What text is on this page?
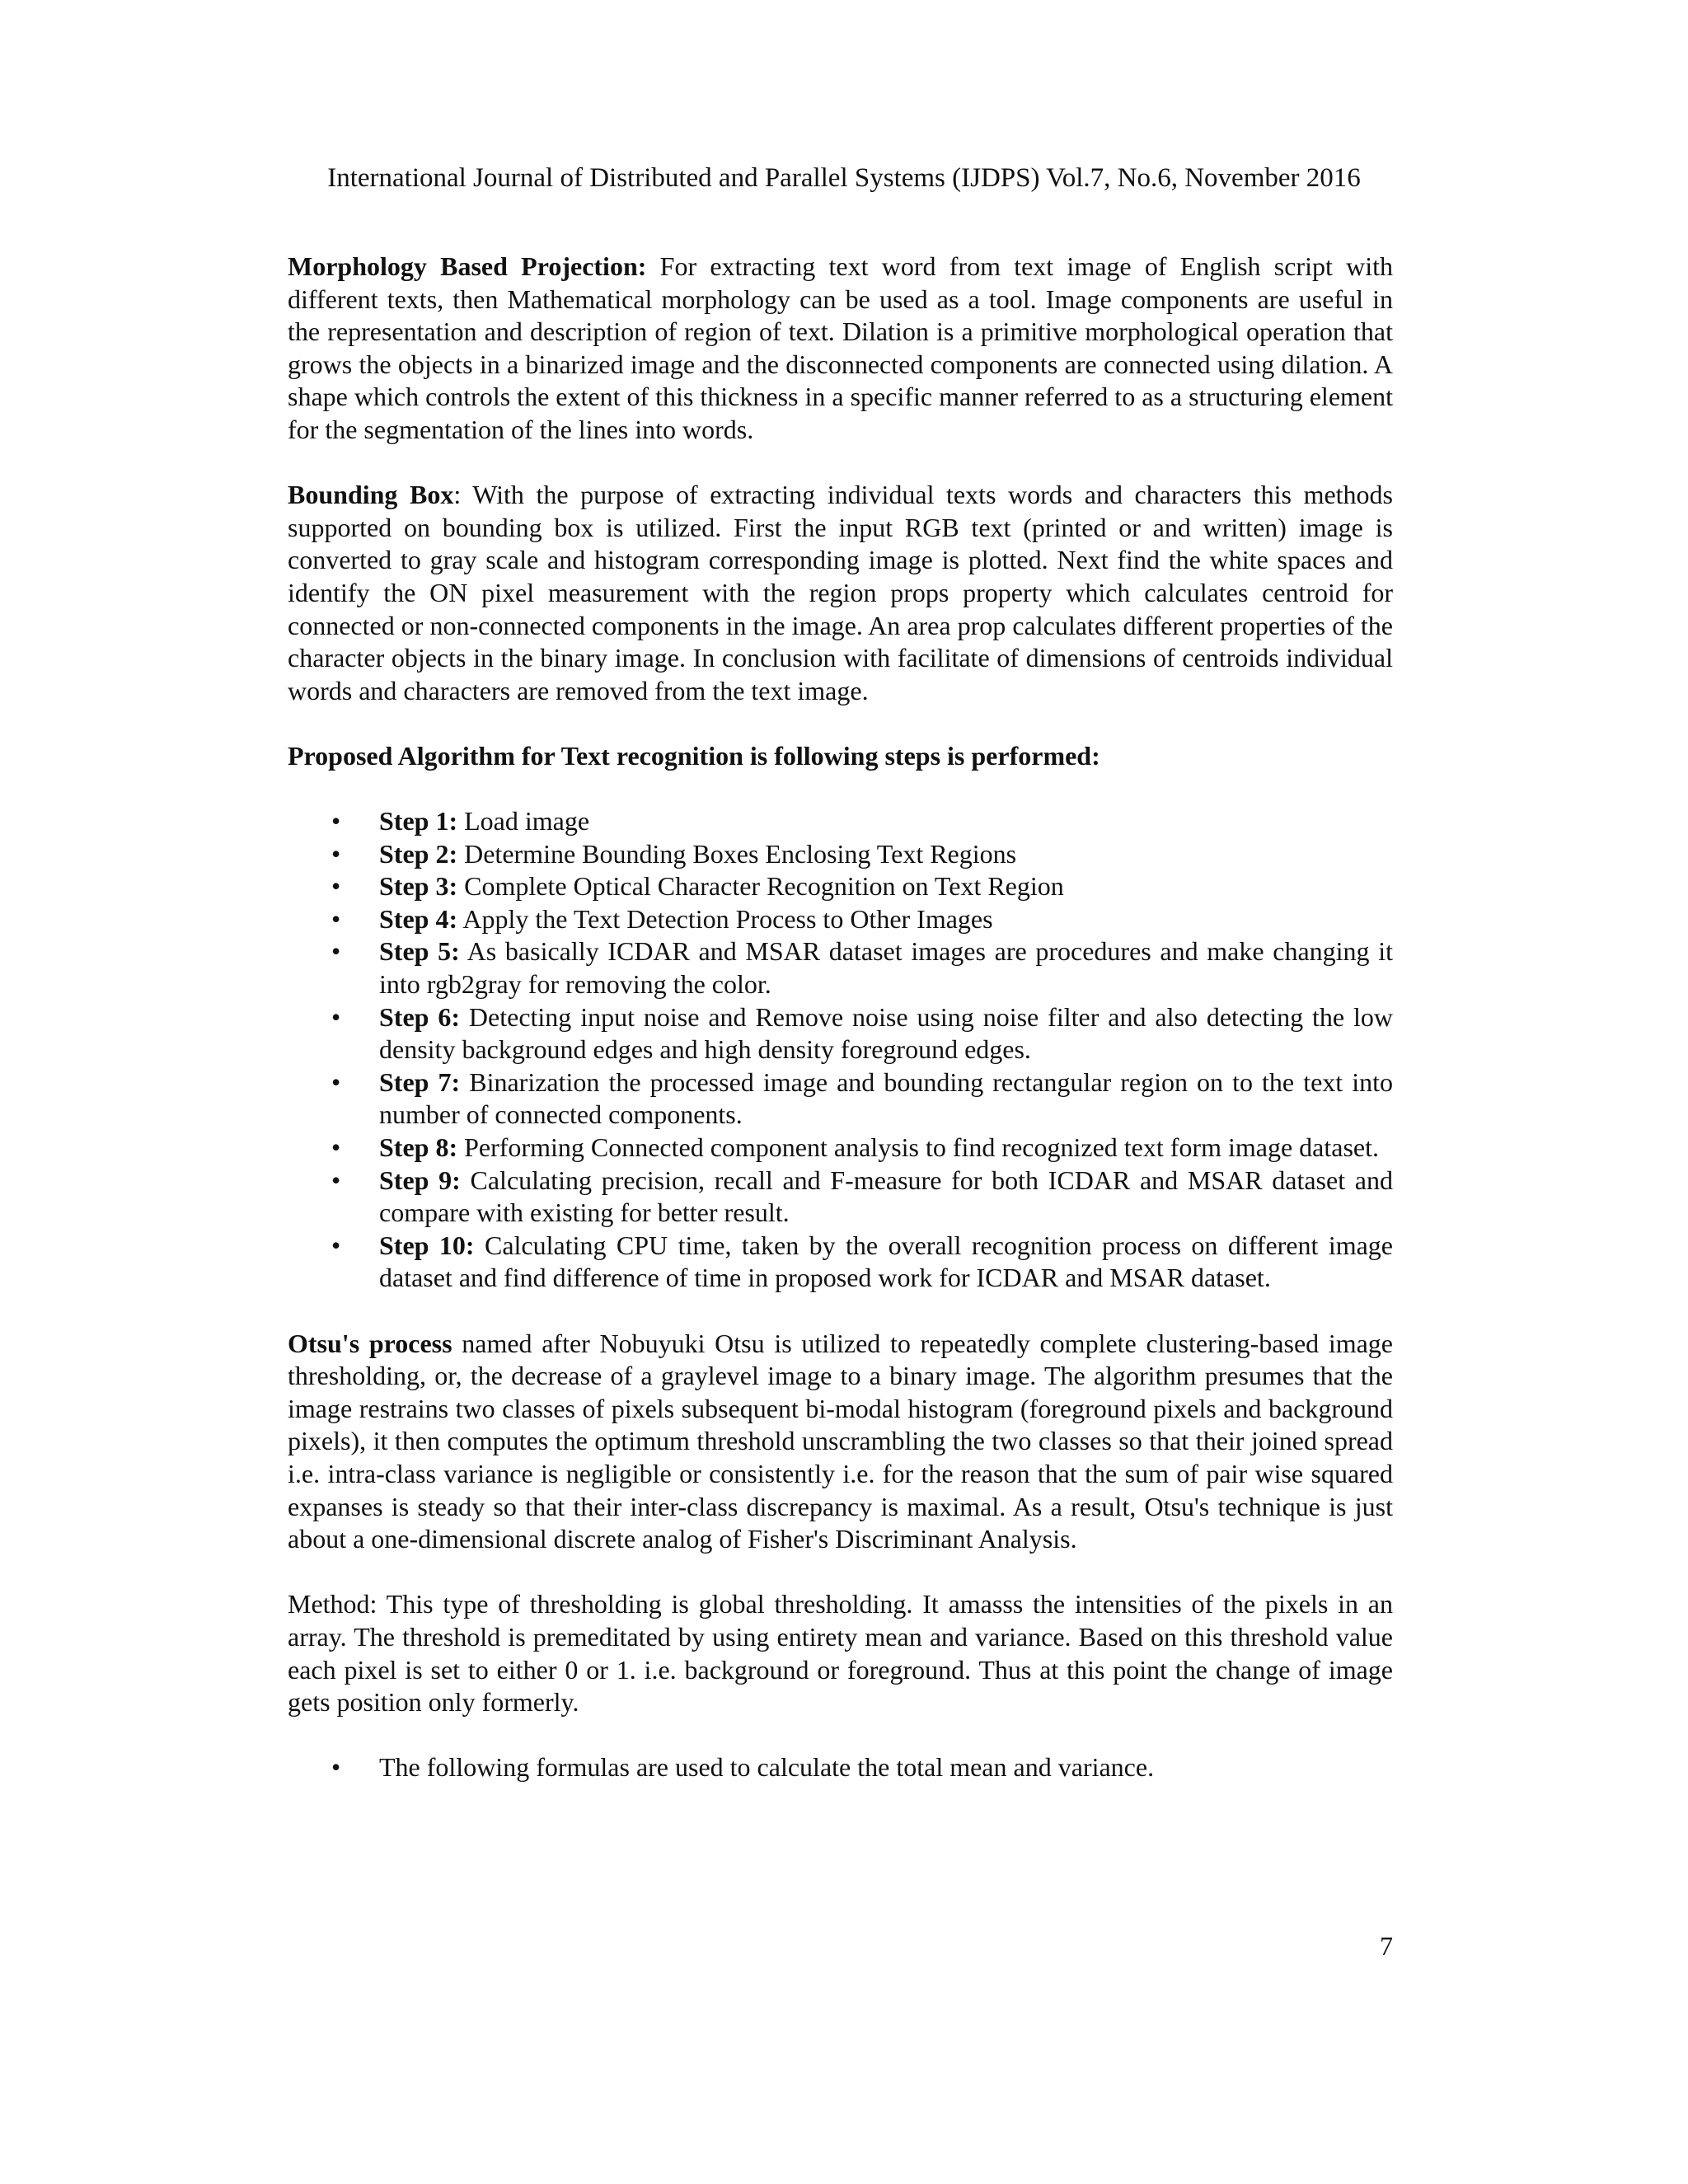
International Journal of Distributed and Parallel Systems (IJDPS) Vol.7, No.6, November 2016

Morphology Based Projection: For extracting text word from text image of English script with different texts, then Mathematical morphology can be used as a tool. Image components are useful in the representation and description of region of text. Dilation is a primitive morphological operation that grows the objects in a binarized image and the disconnected components are connected using dilation. A shape which controls the extent of this thickness in a specific manner referred to as a structuring element for the segmentation of the lines into words.

Bounding Box: With the purpose of extracting individual texts words and characters this methods supported on bounding box is utilized. First the input RGB text (printed or and written) image is converted to gray scale and histogram corresponding image is plotted. Next find the white spaces and identify the ON pixel measurement with the region props property which calculates centroid for connected or non-connected components in the image. An area prop calculates different properties of the character objects in the binary image. In conclusion with facilitate of dimensions of centroids individual words and characters are removed from the text image.

Proposed Algorithm for Text recognition is following steps is performed:
• Step 1: Load image
• Step 2: Determine Bounding Boxes Enclosing Text Regions
• Step 3: Complete Optical Character Recognition on Text Region
• Step 4: Apply the Text Detection Process to Other Images
• Step 5: As basically ICDAR and MSAR dataset images are procedures and make changing it into rgb2gray for removing the color.
• Step 6: Detecting input noise and Remove noise using noise filter and also detecting the low density background edges and high density foreground edges.
• Step 7: Binarization the processed image and bounding rectangular region on to the text into number of connected components.
• Step 8: Performing Connected component analysis to find recognized text form image dataset.
• Step 9: Calculating precision, recall and F-measure for both ICDAR and MSAR dataset and compare with existing for better result.
• Step 10: Calculating CPU time, taken by the overall recognition process on different image dataset and find difference of time in proposed work for ICDAR and MSAR dataset.

Otsu's process named after Nobuyuki Otsu is utilized to repeatedly complete clustering-based image thresholding, or, the decrease of a graylevel image to a binary image. The algorithm presumes that the image restrains two classes of pixels subsequent bi-modal histogram (foreground pixels and background pixels), it then computes the optimum threshold unscrambling the two classes so that their joined spread i.e. intra-class variance is negligible or consistently i.e. for the reason that the sum of pair wise squared expanses is steady so that their inter-class discrepancy is maximal. As a result, Otsu's technique is just about a one-dimensional discrete analog of Fisher's Discriminant Analysis.

Method: This type of thresholding is global thresholding. It amasss the intensities of the pixels in an array. The threshold is premeditated by using entirety mean and variance. Based on this threshold value each pixel is set to either 0 or 1. i.e. background or foreground. Thus at this point the change of image gets position only formerly.

• The following formulas are used to calculate the total mean and variance.
7
